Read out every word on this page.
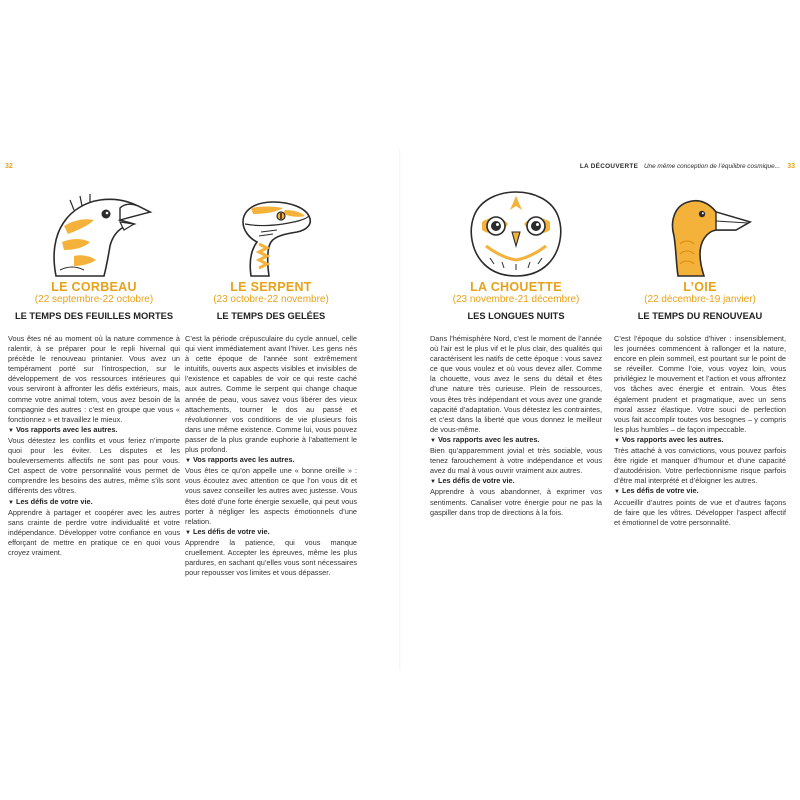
32	LA DÉCOUVERTE Une même conception de l’équilibre cosmique... 33
LE CORBEAU
(22 septembre-22 octobre)
LE TEMPS DES FEUILLES MORTES

Vous êtes né au moment où la nature commence à ralentir, à se préparer pour le repli hivernal qui précède le renouveau printanier. Vous avez un tempérament porté sur l’introspection, sur le développement de vos ressources intérieures qui vous serviront à affronter les défis extérieurs, mais, comme votre animal totem, vous avez besoin de la compagnie des autres : c’est en groupe que vous « fonctionnez » et travaillez le mieux.

▼ Vos rapports avec les autres.

Vous détestez les conflits et vous feriez n’importe quoi pour les éviter. Les disputes et les bouleversements affectifs ne sont pas pour vous. Cet aspect de votre personnalité vous permet de comprendre les besoins des autres, même s’ils sont différents des vôtres.

▼ Les défis de votre vie.

Apprendre à partager et coopérer avec les autres sans crainte de perdre votre individualité et votre indépendance. Développer votre confiance en vous efforçant de mettre en pratique ce en quoi vous croyez vraiment.

LE SERPENT
(23 octobre-22 novembre)
LE TEMPS DES GELÉES

C’est la période crépusculaire du cycle annuel, celle qui vient immédiatement avant l’hiver. Les gens nés à cette époque de l’année sont extrêmement intuitifs, ouverts aux aspects visibles et invisibles de l’existence et capables de voir ce qui reste caché aux autres. Comme le serpent qui change chaque année de peau, vous savez vous libérer des vieux attachements, tourner le dos au passé et révolutionner vos conditions de vie plusieurs fois dans une même existence. Comme lui, vous pouvez passer de la plus grande euphorie à l’abattement le plus profond.

▼ Vos rapports avec les autres.

Vous êtes ce qu’on appelle une « bonne oreille » : vous écoutez avec attention ce que l’on vous dit et vous savez conseiller les autres avec justesse. Vous êtes doté d’une forte énergie sexuelle, qui peut vous porter à négliger les aspects émotionnels d’une relation.

▼ Les défis de votre vie.

Apprendre la patience, qui vous manque cruellement. Accepter les épreuves, même les plus pardures, en sachant qu’elles vous sont nécessaires pour repousser vos limites et vous dépasser.

LA CHOUETTE
(23 novembre-21 décembre)
LES LONGUES NUITS

Dans l’hémisphère Nord, c’est le moment de l’année où l’air est le plus vif et le plus clair, des qualités qui caractérisent les natifs de cette époque : vous savez ce que vous voulez et où vous devez aller. Comme la chouette, vous avez le sens du détail et êtes d’une nature très curieuse. Plein de ressources, vous êtes très indépendant et vous avez une grande capacité d’adaptation. Vous détestez les contraintes, et c’est dans la liberté que vous donnez le meilleur de vous-même.

▼ Vos rapports avec les autres.

Bien qu’apparemment jovial et très sociable, vous tenez farouchement à votre indépendance et vous avez du mal à vous ouvrir vraiment aux autres.

▼ Les défis de votre vie.

Apprendre à vous abandonner, à exprimer vos sentiments. Canaliser votre énergie pour ne pas la gaspiller dans trop de directions à la fois.

L’OIE
(22 décembre-19 janvier)
LE TEMPS DU RENOUVEAU

C’est l’époque du solstice d’hiver : insensiblement, les journées commencent à rallonger et la nature, encore en plein sommeil, est pourtant sur le point de se réveiller. Comme l’oie, vous voyez loin, vous privilégiez le mouvement et l’action et vous affrontez vos tâches avec énergie et entrain. Vous êtes également prudent et pragmatique, avec un sens moral assez élastique. Votre souci de perfection vous fait accomplir toutes vos besognes – y compris les plus humbles – de façon impeccable.

▼ Vos rapports avec les autres.

Très attaché à vos convictions, vous pouvez parfois être rigide et manquer d’humour et d’une capacité d’autodérision. Votre perfectionnisme risque parfois d’être mal interprété et d’éloigner les autres.

▼ Les défis de votre vie.

Accueillir d’autres points de vue et d’autres façons de faire que les vôtres. Développer l’aspect affectif et émotionnel de votre personnalité.
